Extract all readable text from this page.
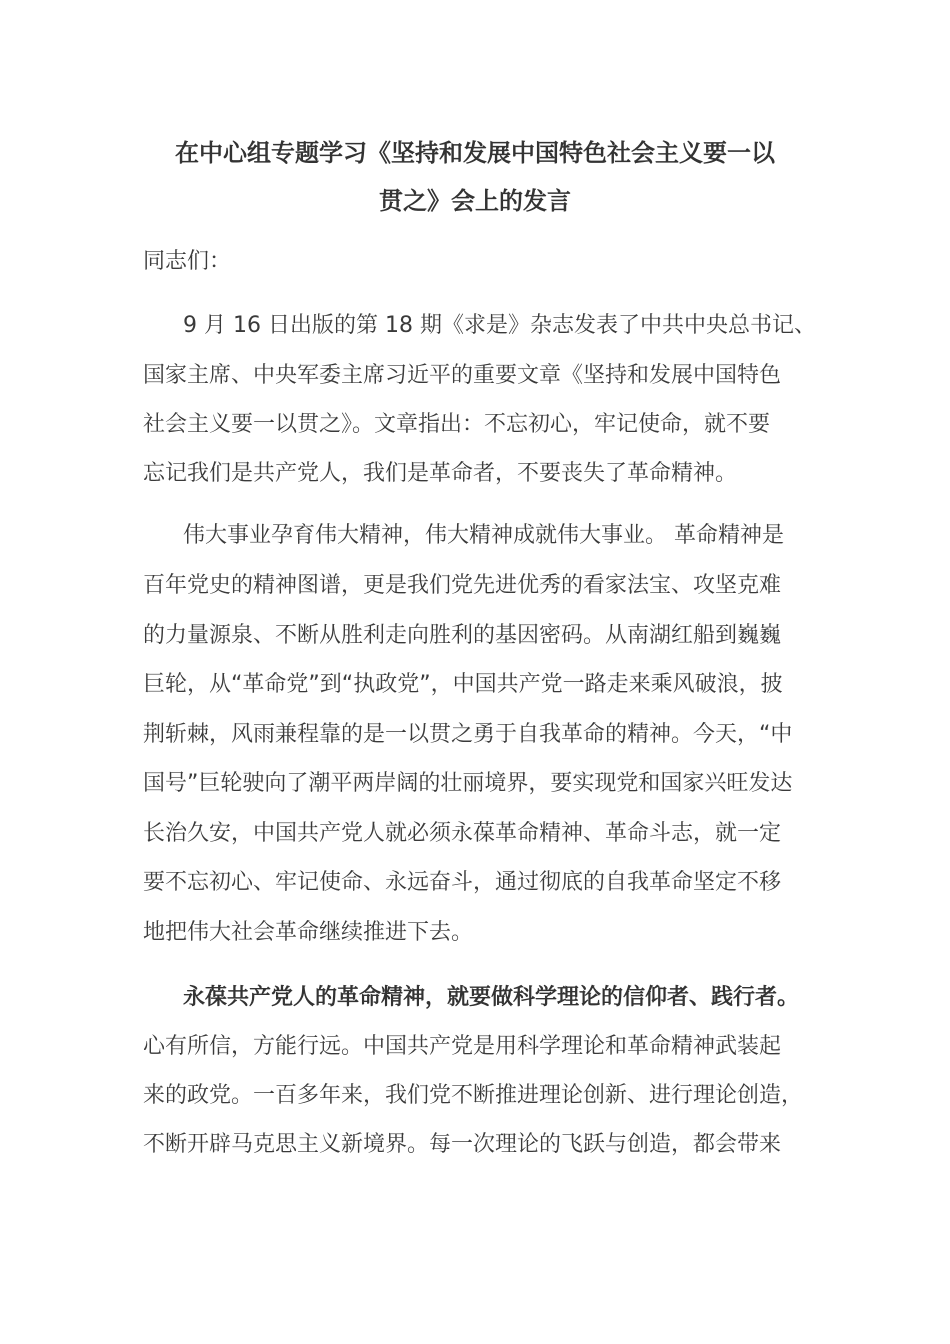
在中心组专题学习《坚持和发展中国特色社会主义要一以
贯之》会上的发言
同志们：
9 月 16 日出版的第 18 期《求是》杂志发表了中共中央总书记、
国家主席、中央军委主席习近平的重要文章《坚持和发展中国特色
社会主义要一以贯之》。文章指出：不忘初心，牢记使命，就不要
忘记我们是共产党人，我们是革命者，不要丧失了革命精神。
伟大事业孕育伟大精神，伟大精神成就伟大事业。 革命精神是
百年党史的精神图谱，更是我们党先进优秀的看家法宝、攻坚克难
的力量源泉、不断从胜利走向胜利的基因密码。从南湖红船到巍巍
巨轮，从“革命党”到“执政党”，中国共产党一路走来乘风破浪，披
荆斩棘，风雨兼程靠的是一以贯之勇于自我革命的精神。今天，“中
国号”巨轮驶向了潮平两岸阔的壮丽境界，要实现党和国家兴旺发达
长治久安，中国共产党人就必须永葆革命精神、革命斗志，就一定
要不忘初心、牢记使命、永远奋斗，通过彻底的自我革命坚定不移
地把伟大社会革命继续推进下去。
永葆共产党人的革命精神，就要做科学理论的信仰者、践行者。
心有所信，方能行远。中国共产党是用科学理论和革命精神武装起
来的政党。一百多年来，我们党不断推进理论创新、进行理论创造，
不断开辟马克思主义新境界。每一次理论的飞跃与创造，都会带来
